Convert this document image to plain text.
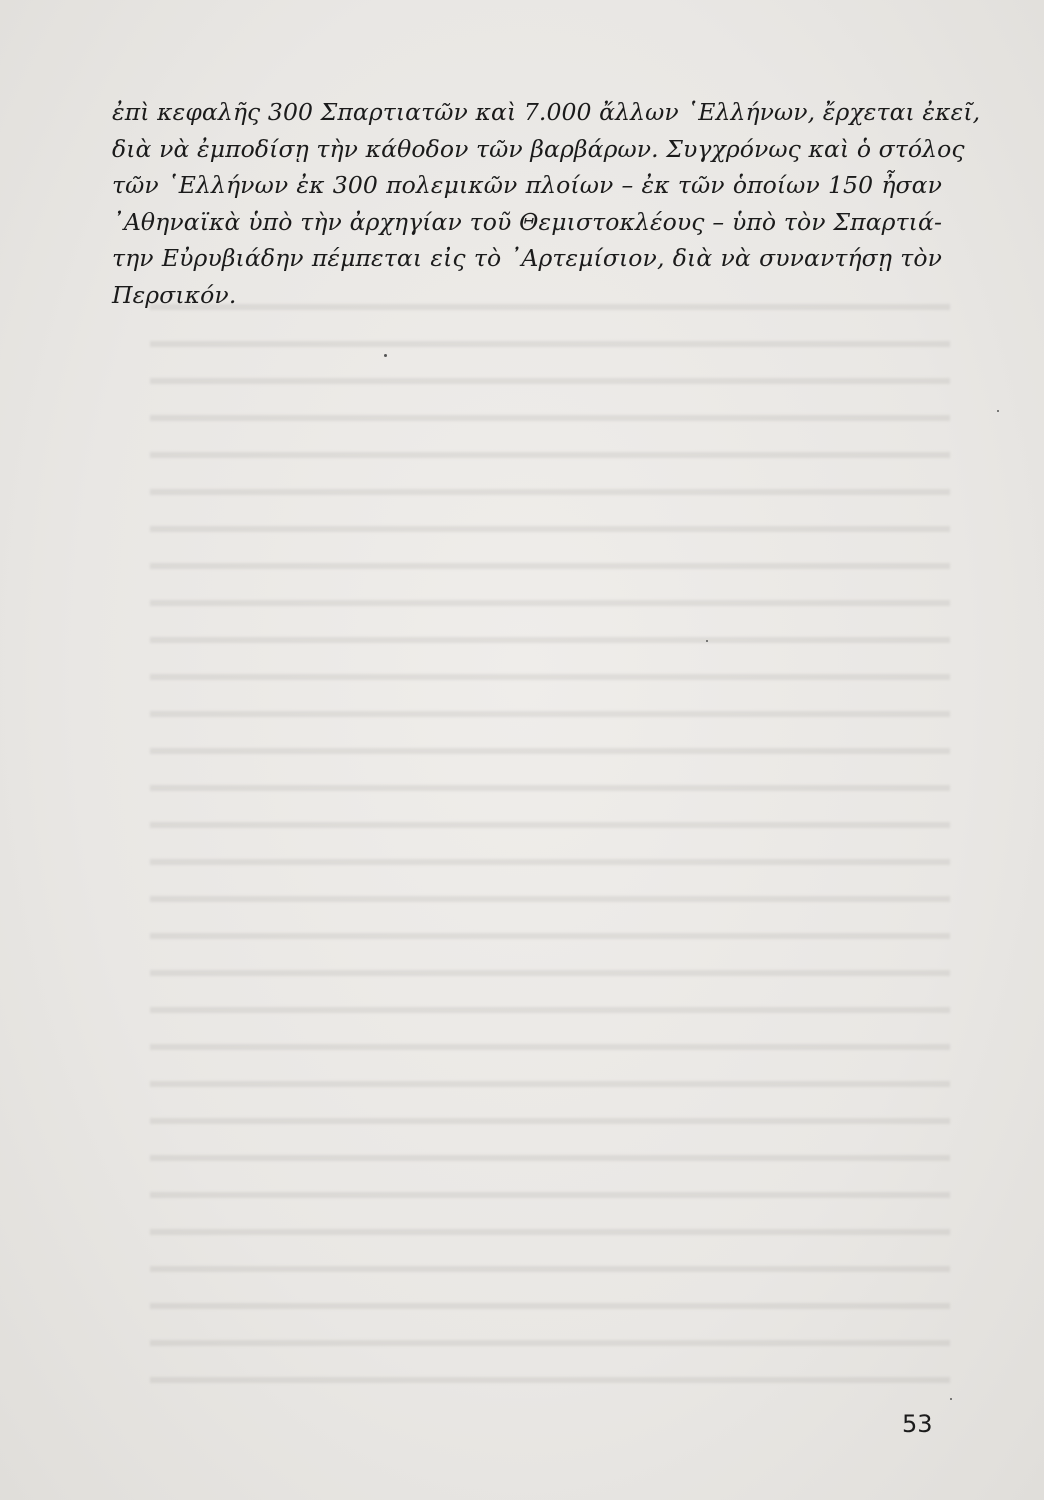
ἐπὶ κεφαλῆς 300 Σπαρτιατῶν καὶ 7.000 ἄλλων ῾Ελλήνων, ἔρχεται ἐκεῖ,
διὰ νὰ ἐμποδίσῃ τὴν κάθοδον τῶν βαρβάρων. Συγχρόνως καὶ ὁ στόλος
τῶν ῾Ελλήνων ἐκ 300 πολεμικῶν πλοίων – ἐκ τῶν ὁποίων 150 ἦσαν
᾿Αθηναϊκὰ ὑπὸ τὴν ἀρχηγίαν τοῦ Θεμιστοκλέους – ὑπὸ τὸν Σπαρτιά-
την Εὐρυβιάδην πέμπεται εἰς τὸ ᾿Αρτεμίσιον, διὰ νὰ συναντήσῃ τὸν
Περσικόν.
53
